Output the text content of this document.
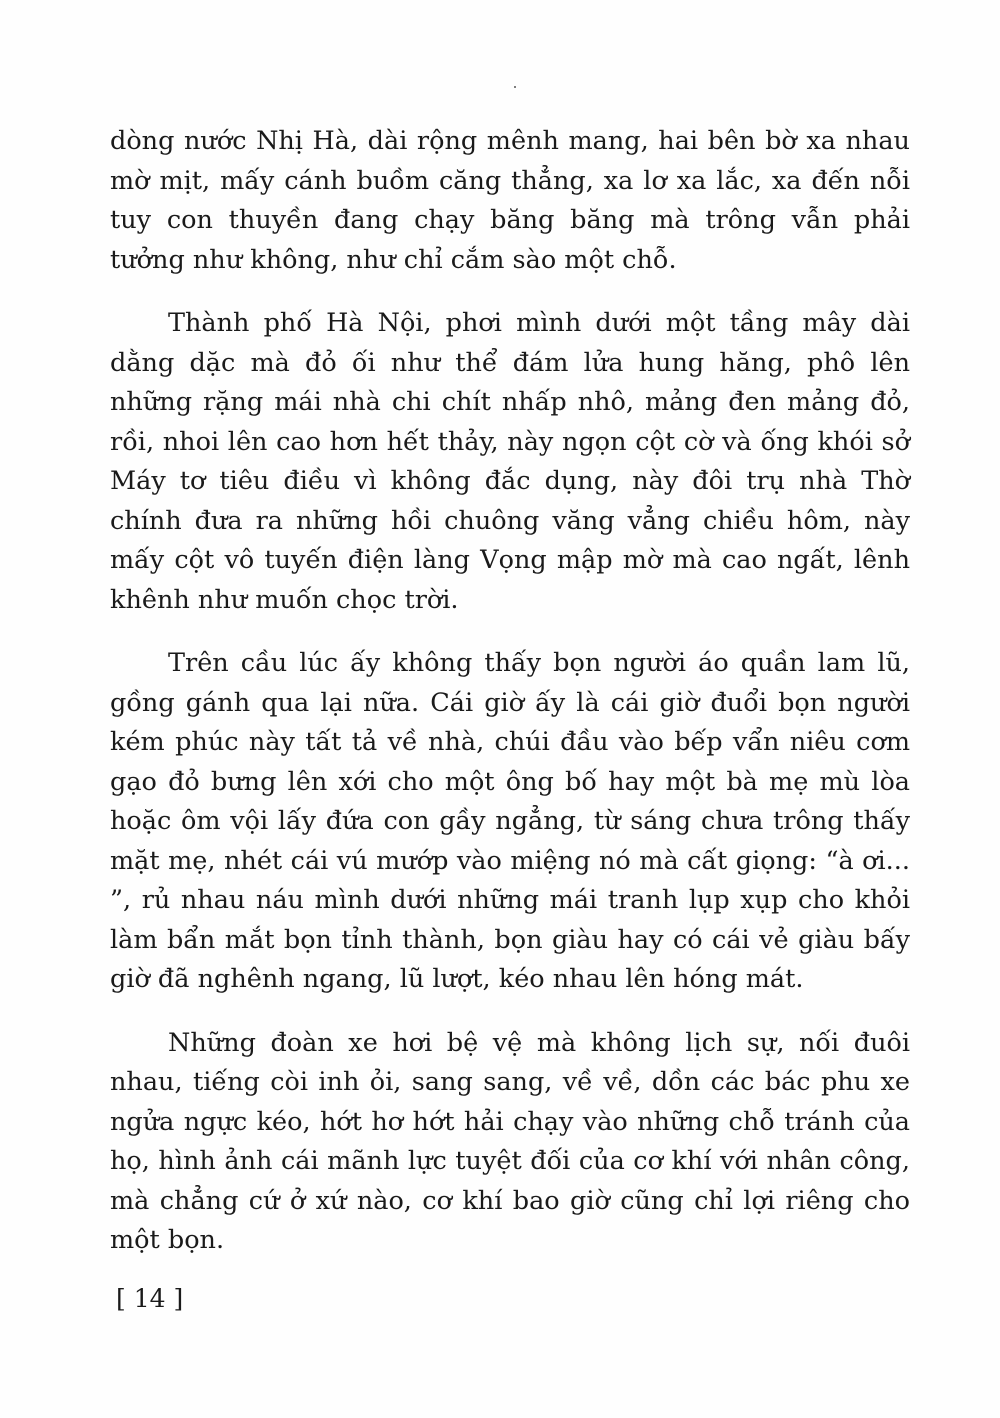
dòng nước Nhị Hà, dài rộng mênh mang, hai bên bờ xa nhau mờ mịt, mấy cánh buồm căng thẳng, xa lơ xa lắc, xa đến nỗi tuy con thuyền đang chạy băng băng mà trông vẫn phải tưởng như không, như chỉ cắm sào một chỗ.

Thành phố Hà Nội, phơi mình dưới một tầng mây dài dằng dặc mà đỏ ối như thể đám lửa hung hăng, phô lên những rặng mái nhà chi chít nhấp nhô, mảng đen mảng đỏ, rồi, nhoi lên cao hơn hết thảy, này ngọn cột cờ và ống khói sở Máy tơ tiêu điều vì không đắc dụng, này đôi trụ nhà Thờ chính đưa ra những hồi chuông văng vẳng chiều hôm, này mấy cột vô tuyến điện làng Vọng mập mờ mà cao ngất, lênh khênh như muốn chọc trời.

Trên cầu lúc ấy không thấy bọn người áo quần lam lũ, gồng gánh qua lại nữa. Cái giờ ấy là cái giờ đuổi bọn người kém phúc này tất tả về nhà, chúi đầu vào bếp vẩn niêu cơm gạo đỏ bưng lên xới cho một ông bố hay một bà mẹ mù lòa hoặc ôm vội lấy đứa con gầy ngẳng, từ sáng chưa trông thấy mặt mẹ, nhét cái vú mướp vào miệng nó mà cất giọng: “à ơi... ”, rủ nhau náu mình dưới những mái tranh lụp xụp cho khỏi làm bẩn mắt bọn tỉnh thành, bọn giàu hay có cái vẻ giàu bấy giờ đã nghênh ngang, lũ lượt, kéo nhau lên hóng mát.

Những đoàn xe hơi bệ vệ mà không lịch sự, nối đuôi nhau, tiếng còi inh ỏi, sang sang, về về, dồn các bác phu xe ngửa ngực kéo, hớt hơ hớt hải chạy vào những chỗ tránh của họ, hình ảnh cái mãnh lực tuyệt đối của cơ khí với nhân công, mà chẳng cứ ở xứ nào, cơ khí bao giờ cũng chỉ lợi riêng cho một bọn.

[ 14 ]
